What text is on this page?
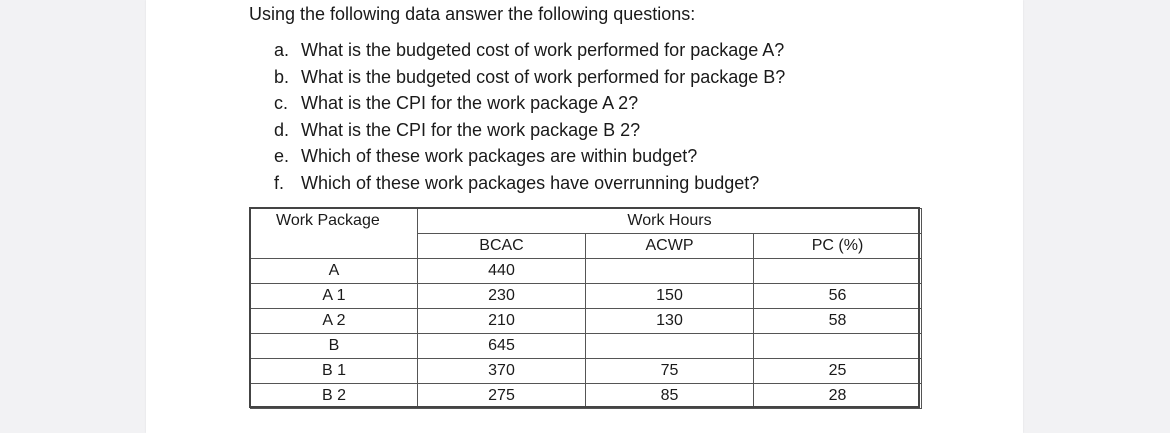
Using the following data answer the following questions:

a. What is the budgeted cost of work performed for package A?
b. What is the budgeted cost of work performed for package B?
c. What is the CPI for the work package A 2?
d. What is the CPI for the work package B 2?
e. Which of these work packages are within budget?
f. Which of these work packages have overrunning budget?
Work Package	Work Hours		
	BCAC	ACWP	PC (%)
A	440		
A 1	230	150	56
A 2	210	130	58
B	645		
B 1	370	75	25
B 2	275	85	28
